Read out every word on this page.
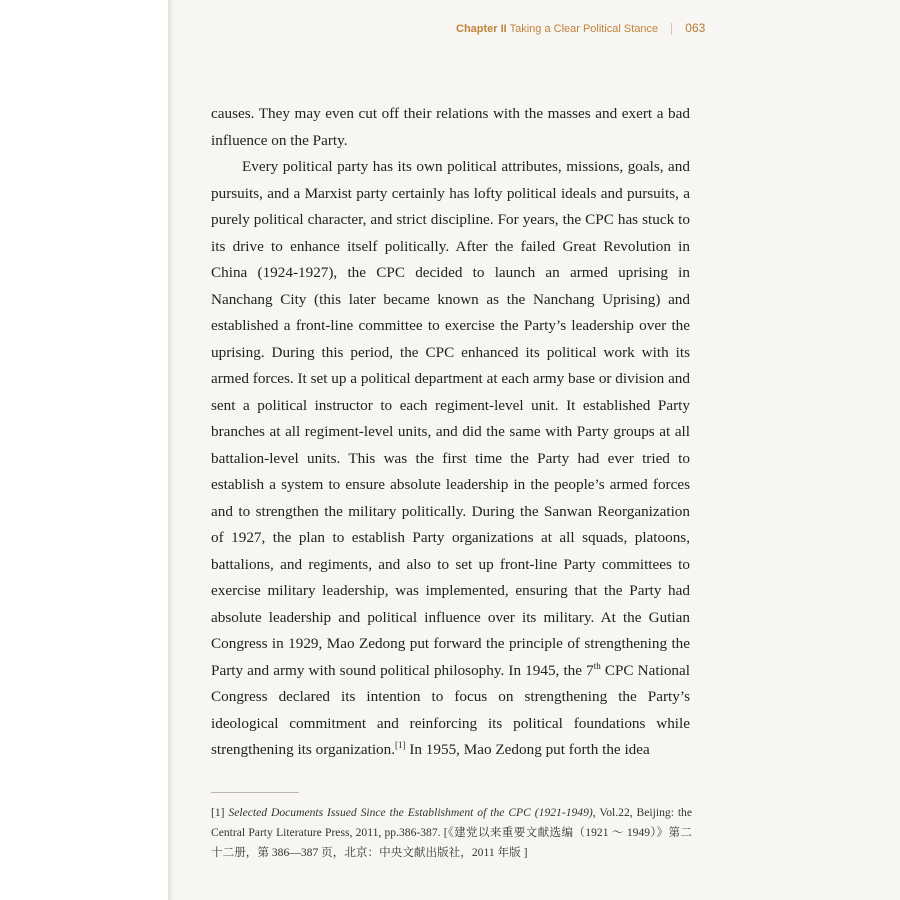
Chapter II Taking a Clear Political Stance 063

causes. They may even cut off their relations with the masses and exert a bad influence on the Party.

Every political party has its own political attributes, missions, goals, and pursuits, and a Marxist party certainly has lofty political ideals and pursuits, a purely political character, and strict discipline. For years, the CPC has stuck to its drive to enhance itself politically. After the failed Great Revolution in China (1924-1927), the CPC decided to launch an armed uprising in Nanchang City (this later became known as the Nanchang Uprising) and established a front-line committee to exercise the Party’s leadership over the uprising. During this period, the CPC enhanced its political work with its armed forces. It set up a political department at each army base or division and sent a political instructor to each regiment-level unit. It established Party branches at all regiment-level units, and did the same with Party groups at all battalion-level units. This was the first time the Party had ever tried to establish a system to ensure absolute leadership in the people’s armed forces and to strengthen the military politically. During the Sanwan Reorganization of 1927, the plan to establish Party organizations at all squads, platoons, battalions, and regiments, and also to set up front-line Party committees to exercise military leadership, was implemented, ensuring that the Party had absolute leadership and political influence over its military. At the Gutian Congress in 1929, Mao Zedong put forward the principle of strengthening the Party and army with sound political philosophy. In 1945, the 7th CPC National Congress declared its intention to focus on strengthening the Party’s ideological commitment and reinforcing its political foundations while strengthening its organization.[1] In 1955, Mao Zedong put forth the idea

[1] Selected Documents Issued Since the Establishment of the CPC (1921-1949), Vol.22, Beijing: the Central Party Literature Press, 2011, pp.386-387. [《建党以来重要文献选编（1921 ～ 1949）》第二十二册，第 386—387 页，北京：中央文献出版社，2011 年版 ]
